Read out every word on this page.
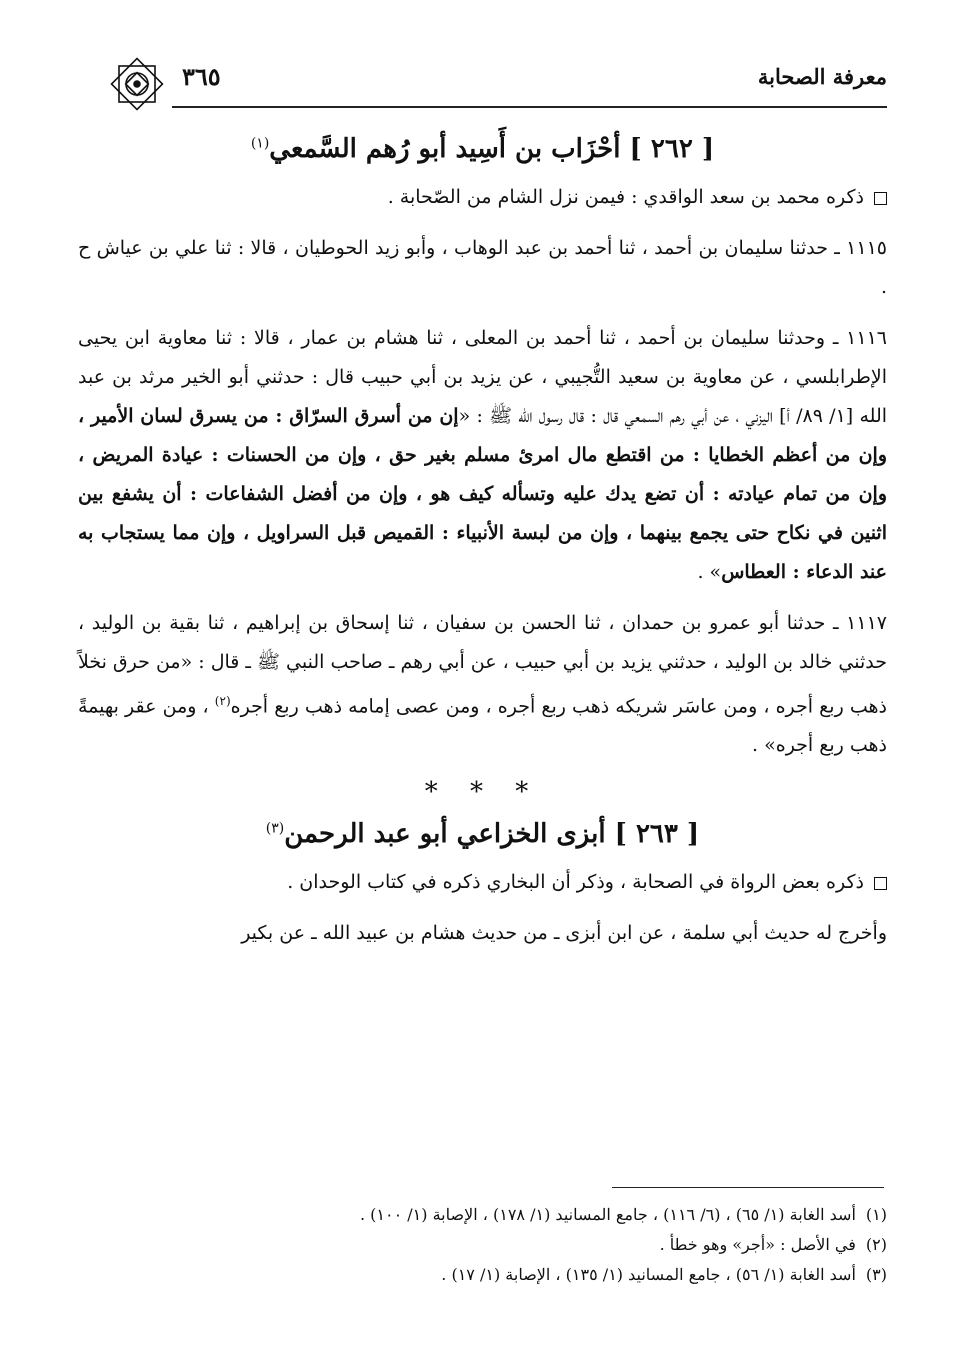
٣٦٥	معرفة الصحابة
[ ٢٦٢ ] أحْزَاب بن أَسِيد أبو رُهم السَّمعي$^{(١)}$

ذكره محمد بن سعد الواقدي : فيمن نزل الشام من الصّحابة .

١١١٥ ـ حدثنا سليمان بن أحمد ، ثنا أحمد بن عبد الوهاب ، وأبو زيد الحوطيان ، قالا : ثنا علي بن عياش ح .

١١١٦ ـ وحدثنا سليمان بن أحمد ، ثنا أحمد بن المعلى ، ثنا هشام بن عمار ، قالا : ثنا معاوية ابن يحيى الإطرابلسي ، عن معاوية بن سعيد التُّجيبي ، عن يزيد بن أبي حبيب قال : حدثني أبو الخير مرثد بن عبد الله [١/ ٨٩/ أ] اليزني ، عن أبي رهم السمعي قال : قال رسول الله ﷺ : «إن من أسرق السرّاق : من يسرق لسان الأمير ، وإن من أعظم الخطايا : من اقتطع مال امرئ مسلم بغير حق ، وإن من الحسنات : عيادة المريض ، وإن من تمام عيادته : أن تضع يدك عليه وتسأله كيف هو ، وإن من أفضل الشفاعات : أن يشفع بين اثنين في نكاح حتى يجمع بينهما ، وإن من لبسة الأنبياء : القميص قبل السراويل ، وإن مما يستجاب به عند الدعاء : العطاس» .

١١١٧ ـ حدثنا أبو عمرو بن حمدان ، ثنا الحسن بن سفيان ، ثنا إسحاق بن إبراهيم ، ثنا بقية بن الوليد ، حدثني خالد بن الوليد ، حدثني يزيد بن أبي حبيب ، عن أبي رهم ـ صاحب النبي ﷺ ـ قال : «من حرق نخلاً ذهب ربع أجره ، ومن عاسَر شريكه ذهب ربع أجره ، ومن عصى إمامه ذهب ربع أجره$^{(٢)}$ ، ومن عقر بهيمةً ذهب ربع أجره» .

* * *
[ ٢٦٣ ] أبزى الخزاعي أبو عبد الرحمن$^{(٣)}$

ذكره بعض الرواة في الصحابة ، وذكر أن البخاري ذكره في كتاب الوحدان .

وأخرج له حديث أبي سلمة ، عن ابن أبزى ـ من حديث هشام بن عبيد الله ـ عن بكير

(١) أسد الغابة (١/ ٦٥) ، (٦/ ١١٦) ، جامع المسانيد (١/ ١٧٨) ، الإصابة (١/ ١٠٠) .
(٢) في الأصل : «أجر» وهو خطأ .
(٣) أسد الغابة (١/ ٥٦) ، جامع المسانيد (١/ ١٣٥) ، الإصابة (١/ ١٧) .
